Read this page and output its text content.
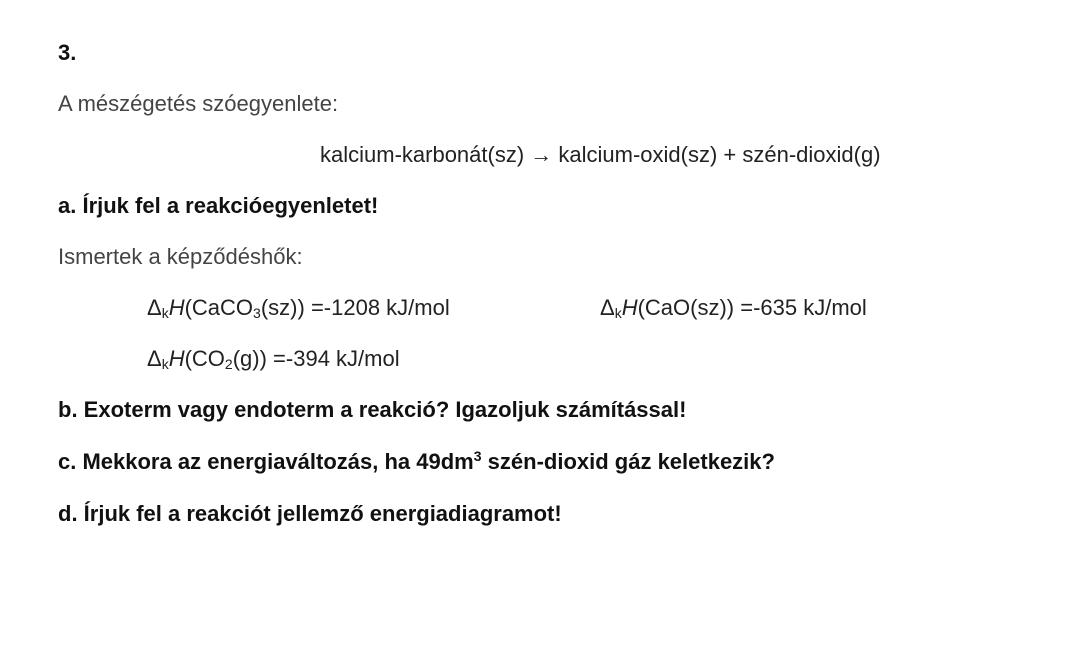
3.
A mészégetés szóegyenlete:
kalcium-karbonát(sz) → kalcium-oxid(sz) + szén-dioxid(g)
a. Írjuk fel a reakcióegyenletet!
Ismertek a képződéshők:
$\Delta_kH(CaCO_3(sz)) =-1208$ kJ/mol	$\Delta_kH(CaO(sz)) =-635$ kJ/mol
$\Delta_kH(CO_2(g)) =-394$ kJ/mol
b. Exoterm vagy endoterm a reakció? Igazoljuk számítással!
c. Mekkora az energiaváltozás, ha $49dm^3$ szén-dioxid gáz keletkezik?
d. Írjuk fel a reakciót jellemző energiadiagramot!
